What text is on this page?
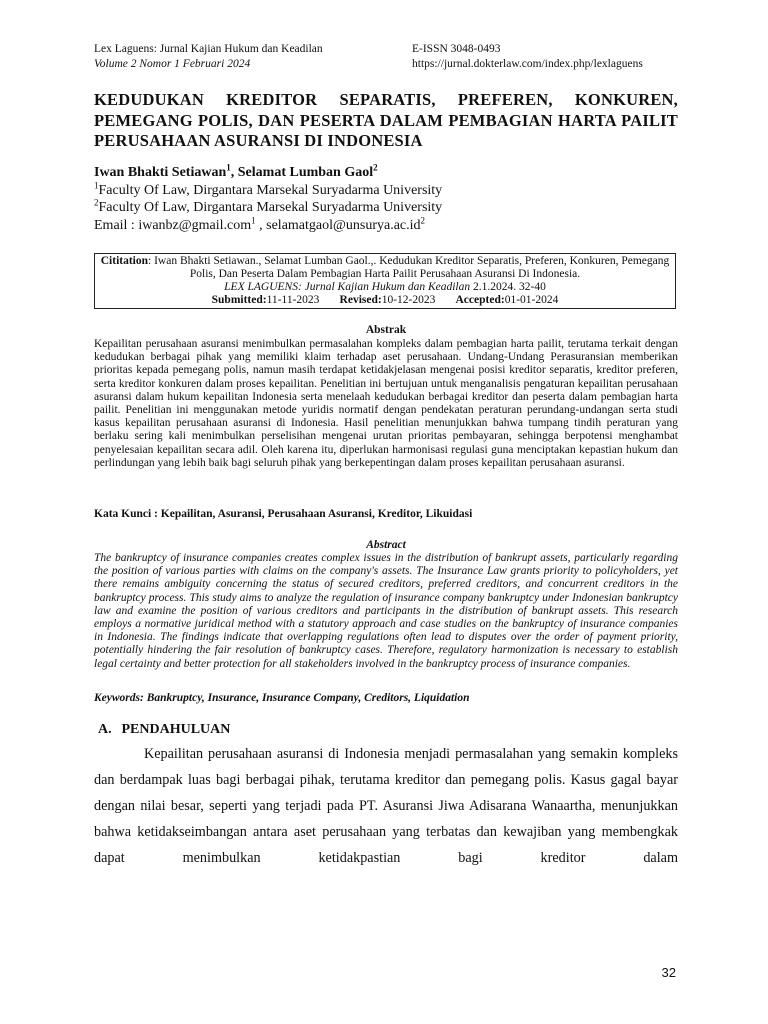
Lex Laguens: Jurnal Kajian Hukum dan Keadilan	E-ISSN 3048-0493
Volume 2 Nomor 1 Februari 2024	https://jurnal.dokterlaw.com/index.php/lexlaguens
KEDUDUKAN KREDITOR SEPARATIS, PREFEREN, KONKUREN, PEMEGANG POLIS, DAN PESERTA DALAM PEMBAGIAN HARTA PAILIT PERUSAHAAN ASURANSI DI INDONESIA
Iwan Bhakti Setiawan$^1$, Selamat Lumban Gaol$^2$
$^1$Faculty Of Law, Dirgantara Marsekal Suryadarma University
$^2$Faculty Of Law, Dirgantara Marsekal Suryadarma University
Email : iwanbz@gmail.com$^1$ , $selamatgaol@unsurya.ac.id^2$
Cititation: Iwan Bhakti Setiawan., Selamat Lumban Gaol.,. Kedudukan Kreditor Separatis, Preferen, Konkuren, Pemegang Polis, Dan Peserta Dalam Pembagian Harta Pailit Perusahaan Asuransi Di Indonesia.
LEX LAGUENS: Jurnal Kajian Hukum dan Keadilan 2.1.2024. 32-40
Submitted:11-11-2023 Revised:10-12-2023 Accepted:01-01-2024
Abstrak
Kepailitan perusahaan asuransi menimbulkan permasalahan kompleks dalam pembagian harta pailit, terutama terkait dengan kedudukan berbagai pihak yang memiliki klaim terhadap aset perusahaan. Undang-Undang Perasuransian memberikan prioritas kepada pemegang polis, namun masih terdapat ketidakjelasan mengenai posisi kreditor separatis, kreditor preferen, serta kreditor konkuren dalam proses kepailitan. Penelitian ini bertujuan untuk menganalisis pengaturan kepailitan perusahaan asuransi dalam hukum kepailitan Indonesia serta menelaah kedudukan berbagai kreditor dan peserta dalam pembagian harta pailit. Penelitian ini menggunakan metode yuridis normatif dengan pendekatan peraturan perundang-undangan serta studi kasus kepailitan perusahaan asuransi di Indonesia. Hasil penelitian menunjukkan bahwa tumpang tindih peraturan yang berlaku sering kali menimbulkan perselisihan mengenai urutan prioritas pembayaran, sehingga berpotensi menghambat penyelesaian kepailitan secara adil. Oleh karena itu, diperlukan harmonisasi regulasi guna menciptakan kepastian hukum dan perlindungan yang lebih baik bagi seluruh pihak yang berkepentingan dalam proses kepailitan perusahaan asuransi.
Kata Kunci : Kepailitan, Asuransi, Perusahaan Asuransi, Kreditor, Likuidasi
Abstract
The bankruptcy of insurance companies creates complex issues in the distribution of bankrupt assets, particularly regarding the position of various parties with claims on the company's assets. The Insurance Law grants priority to policyholders, yet there remains ambiguity concerning the status of secured creditors, preferred creditors, and concurrent creditors in the bankruptcy process. This study aims to analyze the regulation of insurance company bankruptcy under Indonesian bankruptcy law and examine the position of various creditors and participants in the distribution of bankrupt assets. This research employs a normative juridical method with a statutory approach and case studies on the bankruptcy of insurance companies in Indonesia. The findings indicate that overlapping regulations often lead to disputes over the order of payment priority, potentially hindering the fair resolution of bankruptcy cases. Therefore, regulatory harmonization is necessary to establish legal certainty and better protection for all stakeholders involved in the bankruptcy process of insurance companies.
Keywords: Bankruptcy, Insurance, Insurance Company, Creditors, Liquidation
A. PENDAHULUAN

Kepailitan perusahaan asuransi di Indonesia menjadi permasalahan yang semakin kompleks dan berdampak luas bagi berbagai pihak, terutama kreditor dan pemegang polis. Kasus gagal bayar dengan nilai besar, seperti yang terjadi pada PT. Asuransi Jiwa Adisarana Wanaartha, menunjukkan bahwa ketidakseimbangan antara aset perusahaan yang terbatas dan kewajiban yang membengkak dapat menimbulkan ketidakpastian bagi kreditor dalam

32
